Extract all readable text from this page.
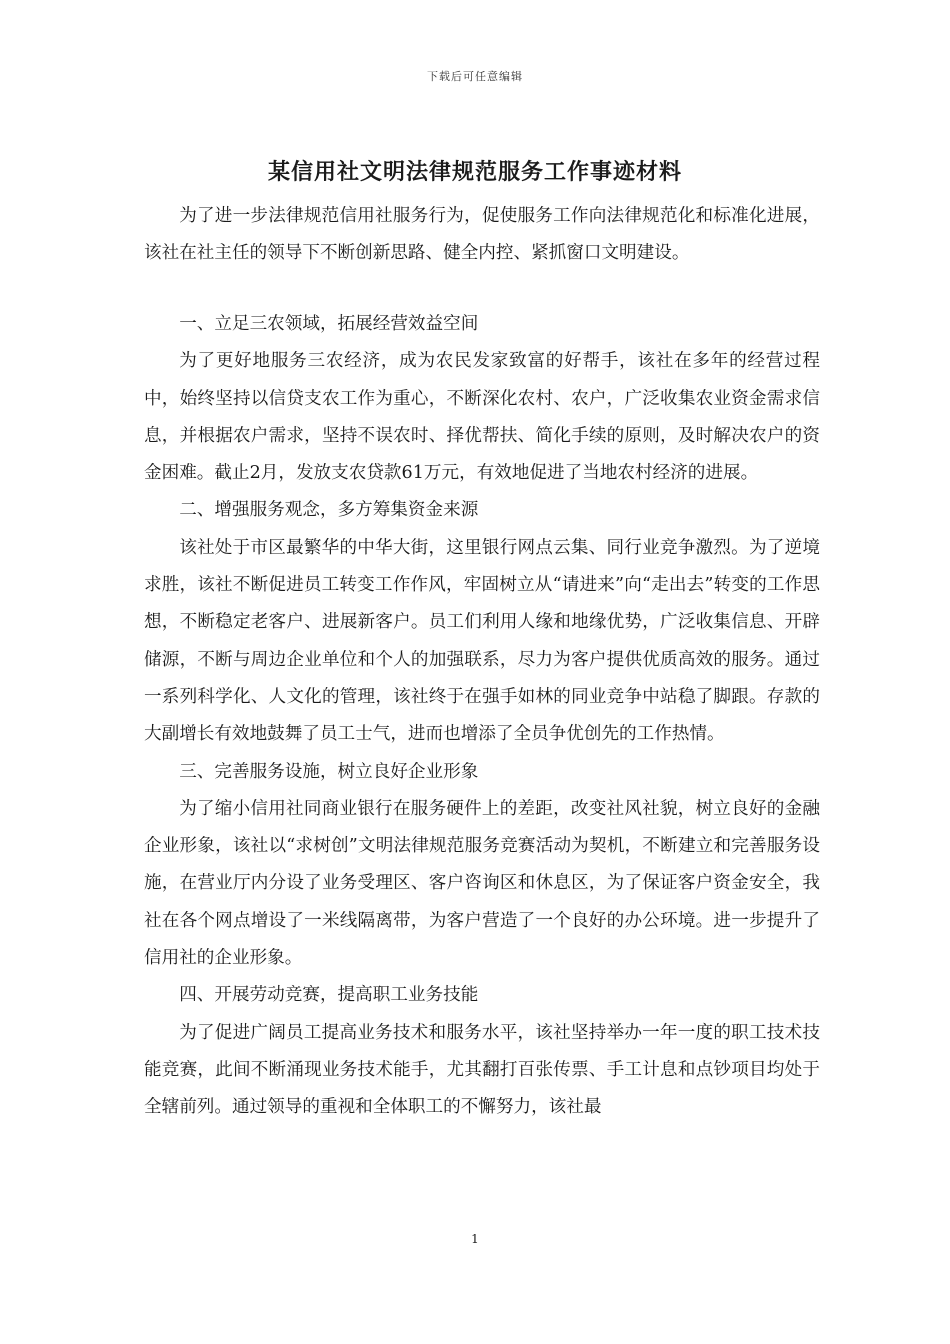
下载后可任意编辑
某信用社文明法律规范服务工作事迹材料

为了进一步法律规范信用社服务行为，促使服务工作向法律规范化和标准化进展，该社在社主任的领导下不断创新思路、健全内控、紧抓窗口文明建设。

一、立足三农领域，拓展经营效益空间

为了更好地服务三农经济，成为农民发家致富的好帮手，该社在多年的经营过程中，始终坚持以信贷支农工作为重心，不断深化农村、农户，广泛收集农业资金需求信息，并根据农户需求，坚持不误农时、择优帮扶、简化手续的原则，及时解决农户的资金困难。截止2月，发放支农贷款61万元，有效地促进了当地农村经济的进展。

二、增强服务观念，多方筹集资金来源

该社处于市区最繁华的中华大街，这里银行网点云集、同行业竞争激烈。为了逆境求胜，该社不断促进员工转变工作作风，牢固树立从“请进来”向“走出去”转变的工作思想，不断稳定老客户、进展新客户。员工们利用人缘和地缘优势，广泛收集信息、开辟储源，不断与周边企业单位和个人的加强联系，尽力为客户提供优质高效的服务。通过一系列科学化、人文化的管理，该社终于在强手如林的同业竞争中站稳了脚跟。存款的大副增长有效地鼓舞了员工士气，进而也增添了全员争优创先的工作热情。

三、完善服务设施，树立良好企业形象

为了缩小信用社同商业银行在服务硬件上的差距，改变社风社貌，树立良好的金融企业形象，该社以“求树创”文明法律规范服务竞赛活动为契机，不断建立和完善服务设施，在营业厅内分设了业务受理区、客户咨询区和休息区，为了保证客户资金安全，我社在各个网点增设了一米线隔离带，为客户营造了一个良好的办公环境。进一步提升了信用社的企业形象。

四、开展劳动竞赛，提高职工业务技能

为了促进广阔员工提高业务技术和服务水平，该社坚持举办一年一度的职工技术技能竞赛，此间不断涌现业务技术能手，尤其翻打百张传票、手工计息和点钞项目均处于全辖前列。通过领导的重视和全体职工的不懈努力，该社最

1
